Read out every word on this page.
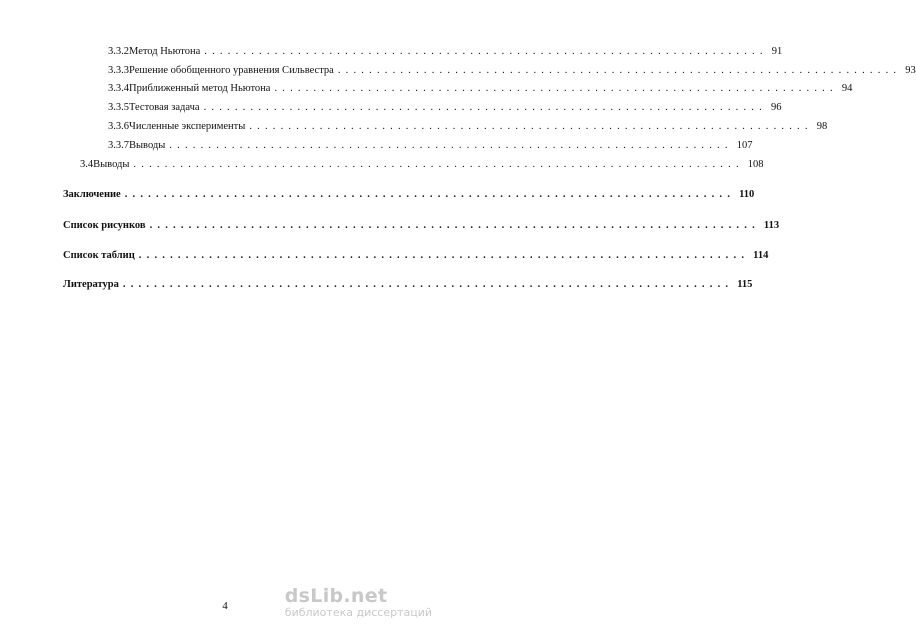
3.3.2 Метод Ньютона ........................................................................ 91
3.3.3 Решение обобщенного уравнения Сильвестра ........................................................................ 93
3.3.4 Приближенный метод Ньютона ........................................................................ 94
3.3.5 Тестовая задача ........................................................................ 96
3.3.6 Численные эксперименты ........................................................................ 98
3.3.7 Выводы ........................................................................ 107
3.4 Выводы .............................................................................. 108
Заключение .............................................................................. 110
Список рисунков .............................................................................. 113
Список таблиц .............................................................................. 114
Литература .............................................................................. 115
4	dsLib.net
библиотека диссертаций
